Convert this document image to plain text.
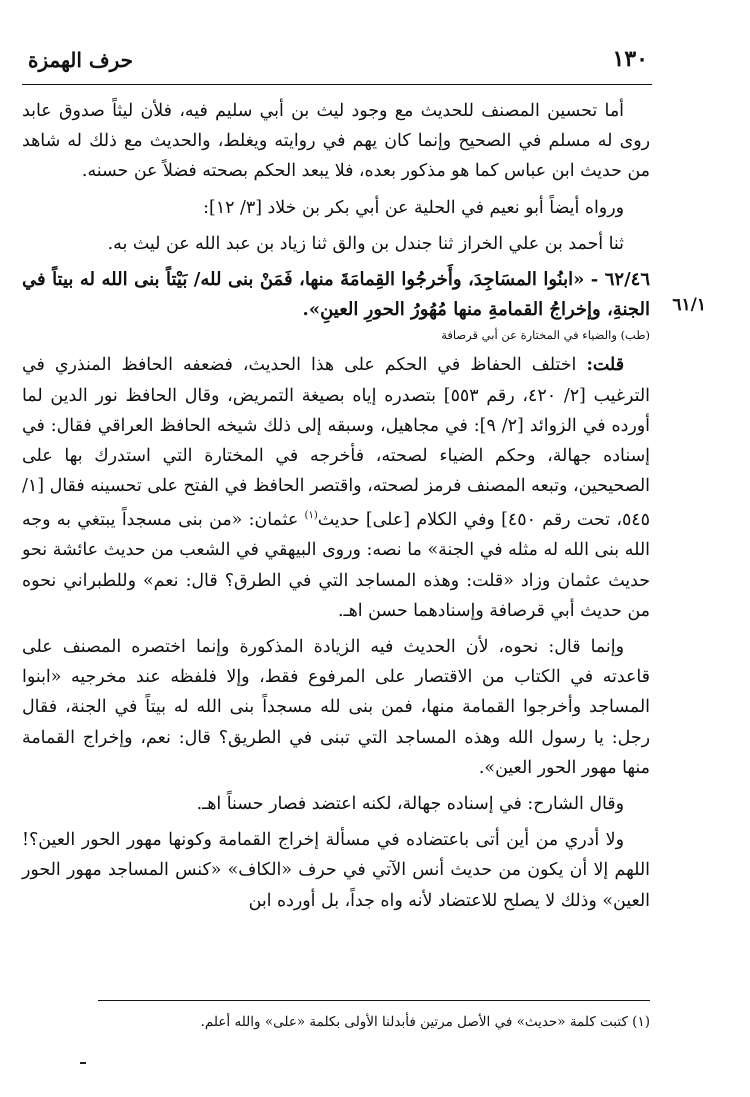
١٣٠
حرف الهمزة
٦١/١

أما تحسين المصنف للحديث مع وجود ليث بن أبي سليم فيه، فلأن ليثاً صدوق عابد روى له مسلم في الصحيح وإنما كان يهم في روايته ويغلط، والحديث مع ذلك له شاهد من حديث ابن عباس كما هو مذكور بعده، فلا يبعد الحكم بصحته فضلاً عن حسنه.

ورواه أيضاً أبو نعيم في الحلية عن أبي بكر بن خلاد [٣/ ١٢]:

ثنا أحمد بن علي الخراز ثنا جندل بن والق ثنا زياد بن عبد الله عن ليث به.

٦٢/٤٦ - «ابنُوا المسَاجِدَ، وأَخرجُوا القِمامَةَ منها، فَمَنْ بنى لله/ بَيْتاً بنى الله له بيتاً في الجنةِ، وإخراجُ القمامةِ منها مُهُورُ الحورِ العينِ».

(طب) والضياء في المختارة عن أبي قرصافة

قلت: اختلف الحفاظ في الحكم على هذا الحديث، فضعفه الحافظ المنذري في الترغيب [٢/ ٤٢٠، رقم ٥٥٣] بتصدره إياه بصيغة التمريض، وقال الحافظ نور الدين لما أورده في الزوائد [٢/ ٩]: في مجاهيل، وسبقه إلى ذلك شيخه الحافظ العراقي فقال: في إسناده جهالة، وحكم الضياء لصحته، فأخرجه في المختارة التي استدرك بها على الصحيحين، وتبعه المصنف فرمز لصحته، واقتصر الحافظ في الفتح على تحسينه فقال [١/ ٥٤٥، تحت رقم ٤٥٠] وفي الكلام [على] حديث$^{(١)}$ عثمان: «من بنى مسجداً يبتغي به وجه الله بنى الله له مثله في الجنة» ما نصه: وروى البيهقي في الشعب من حديث عائشة نحو حديث عثمان وزاد «قلت: وهذه المساجد التي في الطرق؟ قال: نعم» وللطبراني نحوه من حديث أبي قرصافة وإسنادهما حسن اهـ.

وإنما قال: نحوه، لأن الحديث فيه الزيادة المذكورة وإنما اختصره المصنف على قاعدته في الكتاب من الاقتصار على المرفوع فقط، وإلا فلفظه عند مخرجيه «ابنوا المساجد وأخرجوا القمامة منها، فمن بنى لله مسجداً بنى الله له بيتاً في الجنة، فقال رجل: يا رسول الله وهذه المساجد التي تبنى في الطريق؟ قال: نعم، وإخراج القمامة منها مهور الحور العين».

وقال الشارح: في إسناده جهالة، لكنه اعتضد فصار حسناً اهـ.

ولا أدري من أين أتى باعتضاده في مسألة إخراج القمامة وكونها مهور الحور العين؟! اللهم إلا أن يكون من حديث أنس الآتي في حرف «الكاف» «كنس المساجد مهور الحور العين» وذلك لا يصلح للاعتضاد لأنه واه جداً، بل أورده ابن

(١) كتبت كلمة «حديث» في الأصل مرتين فأبدلنا الأولى بكلمة «على» والله أعلم.
